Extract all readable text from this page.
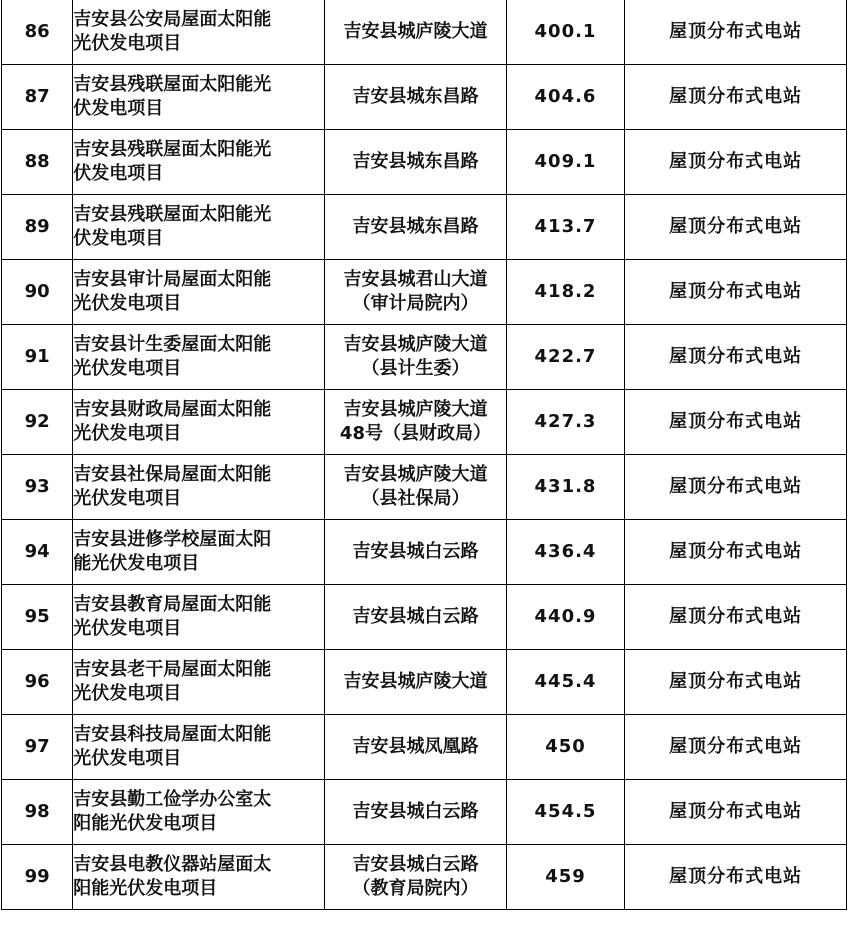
86	吉安县公安局屋面太阳能
光伏发电项目	吉安县城庐陵大道	400.1	屋顶分布式电站
87	吉安县残联屋面太阳能光
伏发电项目	吉安县城东昌路	404.6	屋顶分布式电站
88	吉安县残联屋面太阳能光
伏发电项目	吉安县城东昌路	409.1	屋顶分布式电站
89	吉安县残联屋面太阳能光
伏发电项目	吉安县城东昌路	413.7	屋顶分布式电站
90	吉安县审计局屋面太阳能
光伏发电项目	吉安县城君山大道
（审计局院内）	418.2	屋顶分布式电站
91	吉安县计生委屋面太阳能
光伏发电项目	吉安县城庐陵大道
（县计生委）	422.7	屋顶分布式电站
92	吉安县财政局屋面太阳能
光伏发电项目	吉安县城庐陵大道
48号（县财政局）	427.3	屋顶分布式电站
93	吉安县社保局屋面太阳能
光伏发电项目	吉安县城庐陵大道
（县社保局）	431.8	屋顶分布式电站
94	吉安县进修学校屋面太阳
能光伏发电项目	吉安县城白云路	436.4	屋顶分布式电站
95	吉安县教育局屋面太阳能
光伏发电项目	吉安县城白云路	440.9	屋顶分布式电站
96	吉安县老干局屋面太阳能
光伏发电项目	吉安县城庐陵大道	445.4	屋顶分布式电站
97	吉安县科技局屋面太阳能
光伏发电项目	吉安县城凤凰路	450	屋顶分布式电站
98	吉安县勤工俭学办公室太
阳能光伏发电项目	吉安县城白云路	454.5	屋顶分布式电站
99	吉安县电教仪器站屋面太
阳能光伏发电项目	吉安县城白云路
（教育局院内）	459	屋顶分布式电站
